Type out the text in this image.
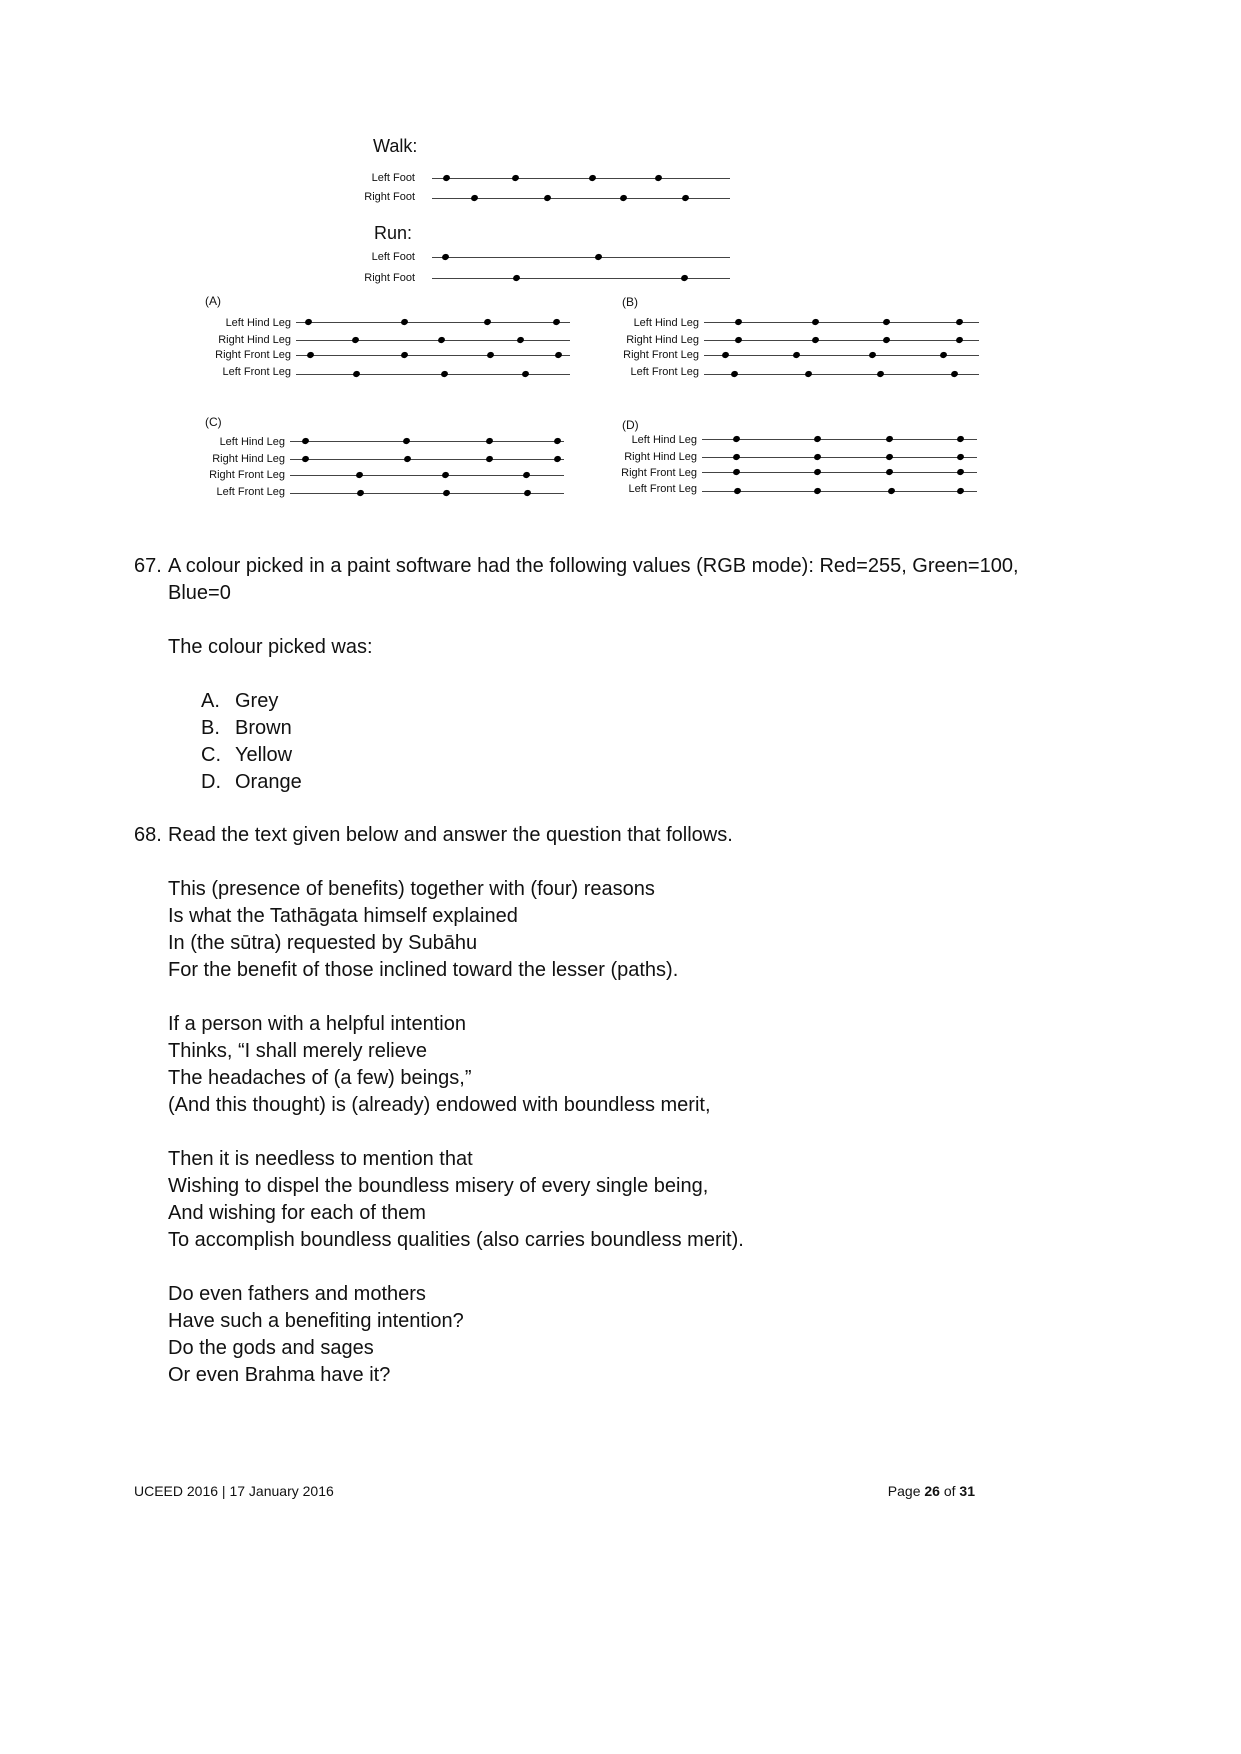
Walk:
Left Foot
Right Foot
Run:
Left Foot
Right Foot
(A)
Left Hind Leg
Right Hind Leg
Right Front Leg
Left Front Leg
(B)
Left Hind Leg
Right Hind Leg
Right Front Leg
Left Front Leg
(C)
Left Hind Leg
Right Hind Leg
Right Front Leg
Left Front Leg
(D)
Left Hind Leg
Right Hind Leg
Right Front Leg
Left Front Leg
67. A colour picked in a paint software had the following values (RGB mode): Red=255, Green=100,
Blue=0
The colour picked was:
A. Grey
B. Brown
C. Yellow
D. Orange
68. Read the text given below and answer the question that follows.
This (presence of benefits) together with (four) reasons
Is what the Tathāgata himself explained
In (the sūtra) requested by Subāhu
For the benefit of those inclined toward the lesser (paths).
If a person with a helpful intention
Thinks, “I shall merely relieve
The headaches of (a few) beings,”
(And this thought) is (already) endowed with boundless merit,
Then it is needless to mention that
Wishing to dispel the boundless misery of every single being,
And wishing for each of them
To accomplish boundless qualities (also carries boundless merit).
Do even fathers and mothers
Have such a benefiting intention?
Do the gods and sages
Or even Brahma have it?
UCEED 2016 | 17 January 2016	Page 26 of 31
